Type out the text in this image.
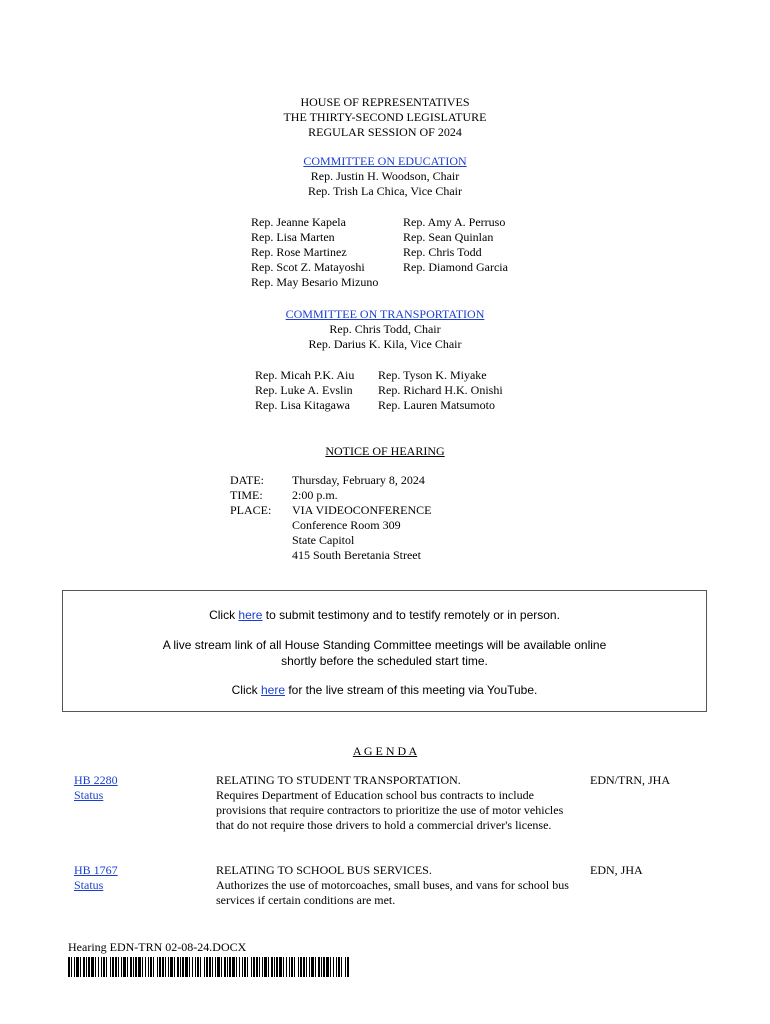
HOUSE OF REPRESENTATIVES
THE THIRTY-SECOND LEGISLATURE
REGULAR SESSION OF 2024
COMMITTEE ON EDUCATION
Rep. Justin H. Woodson, Chair
Rep. Trish La Chica, Vice Chair
Rep. Jeanne Kapela
Rep. Lisa Marten
Rep. Rose Martinez
Rep. Scot Z. Matayoshi
Rep. May Besario Mizuno
Rep. Amy A. Perruso
Rep. Sean Quinlan
Rep. Chris Todd
Rep. Diamond Garcia
COMMITTEE ON TRANSPORTATION
Rep. Chris Todd, Chair
Rep. Darius K. Kila, Vice Chair
Rep. Micah P.K. Aiu
Rep. Luke A. Evslin
Rep. Lisa Kitagawa
Rep. Tyson K. Miyake
Rep. Richard H.K. Onishi
Rep. Lauren Matsumoto
NOTICE OF HEARING
DATE: Thursday, February 8, 2024
TIME: 2:00 p.m.
PLACE: VIA VIDEOCONFERENCE
Conference Room 309
State Capitol
415 South Beretania Street
Click here to submit testimony and to testify remotely or in person.
A live stream link of all House Standing Committee meetings will be available online
shortly before the scheduled start time.
Click here for the live stream of this meeting via YouTube.
A G E N D A
HB 2280
Status
RELATING TO STUDENT TRANSPORTATION.
Requires Department of Education school bus contracts to include provisions that require contractors to prioritize the use of motor vehicles that do not require those drivers to hold a commercial driver's license.
EDN/TRN, JHA
HB 1767
Status
RELATING TO SCHOOL BUS SERVICES.
Authorizes the use of motorcoaches, small buses, and vans for school bus services if certain conditions are met.
EDN, JHA
Hearing EDN-TRN 02-08-24.DOCX
